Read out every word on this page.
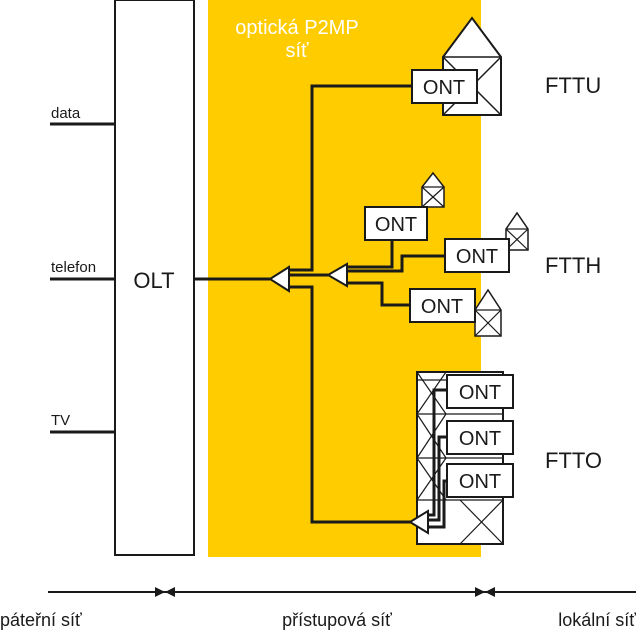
optická P2MP
síť
OLT
data
telefon
TV
ONT
ONT
ONT
ONT
ONT
ONT
ONT
FTTU
FTTH
FTTO
páteřní síť	přístupová síť	lokální síť
